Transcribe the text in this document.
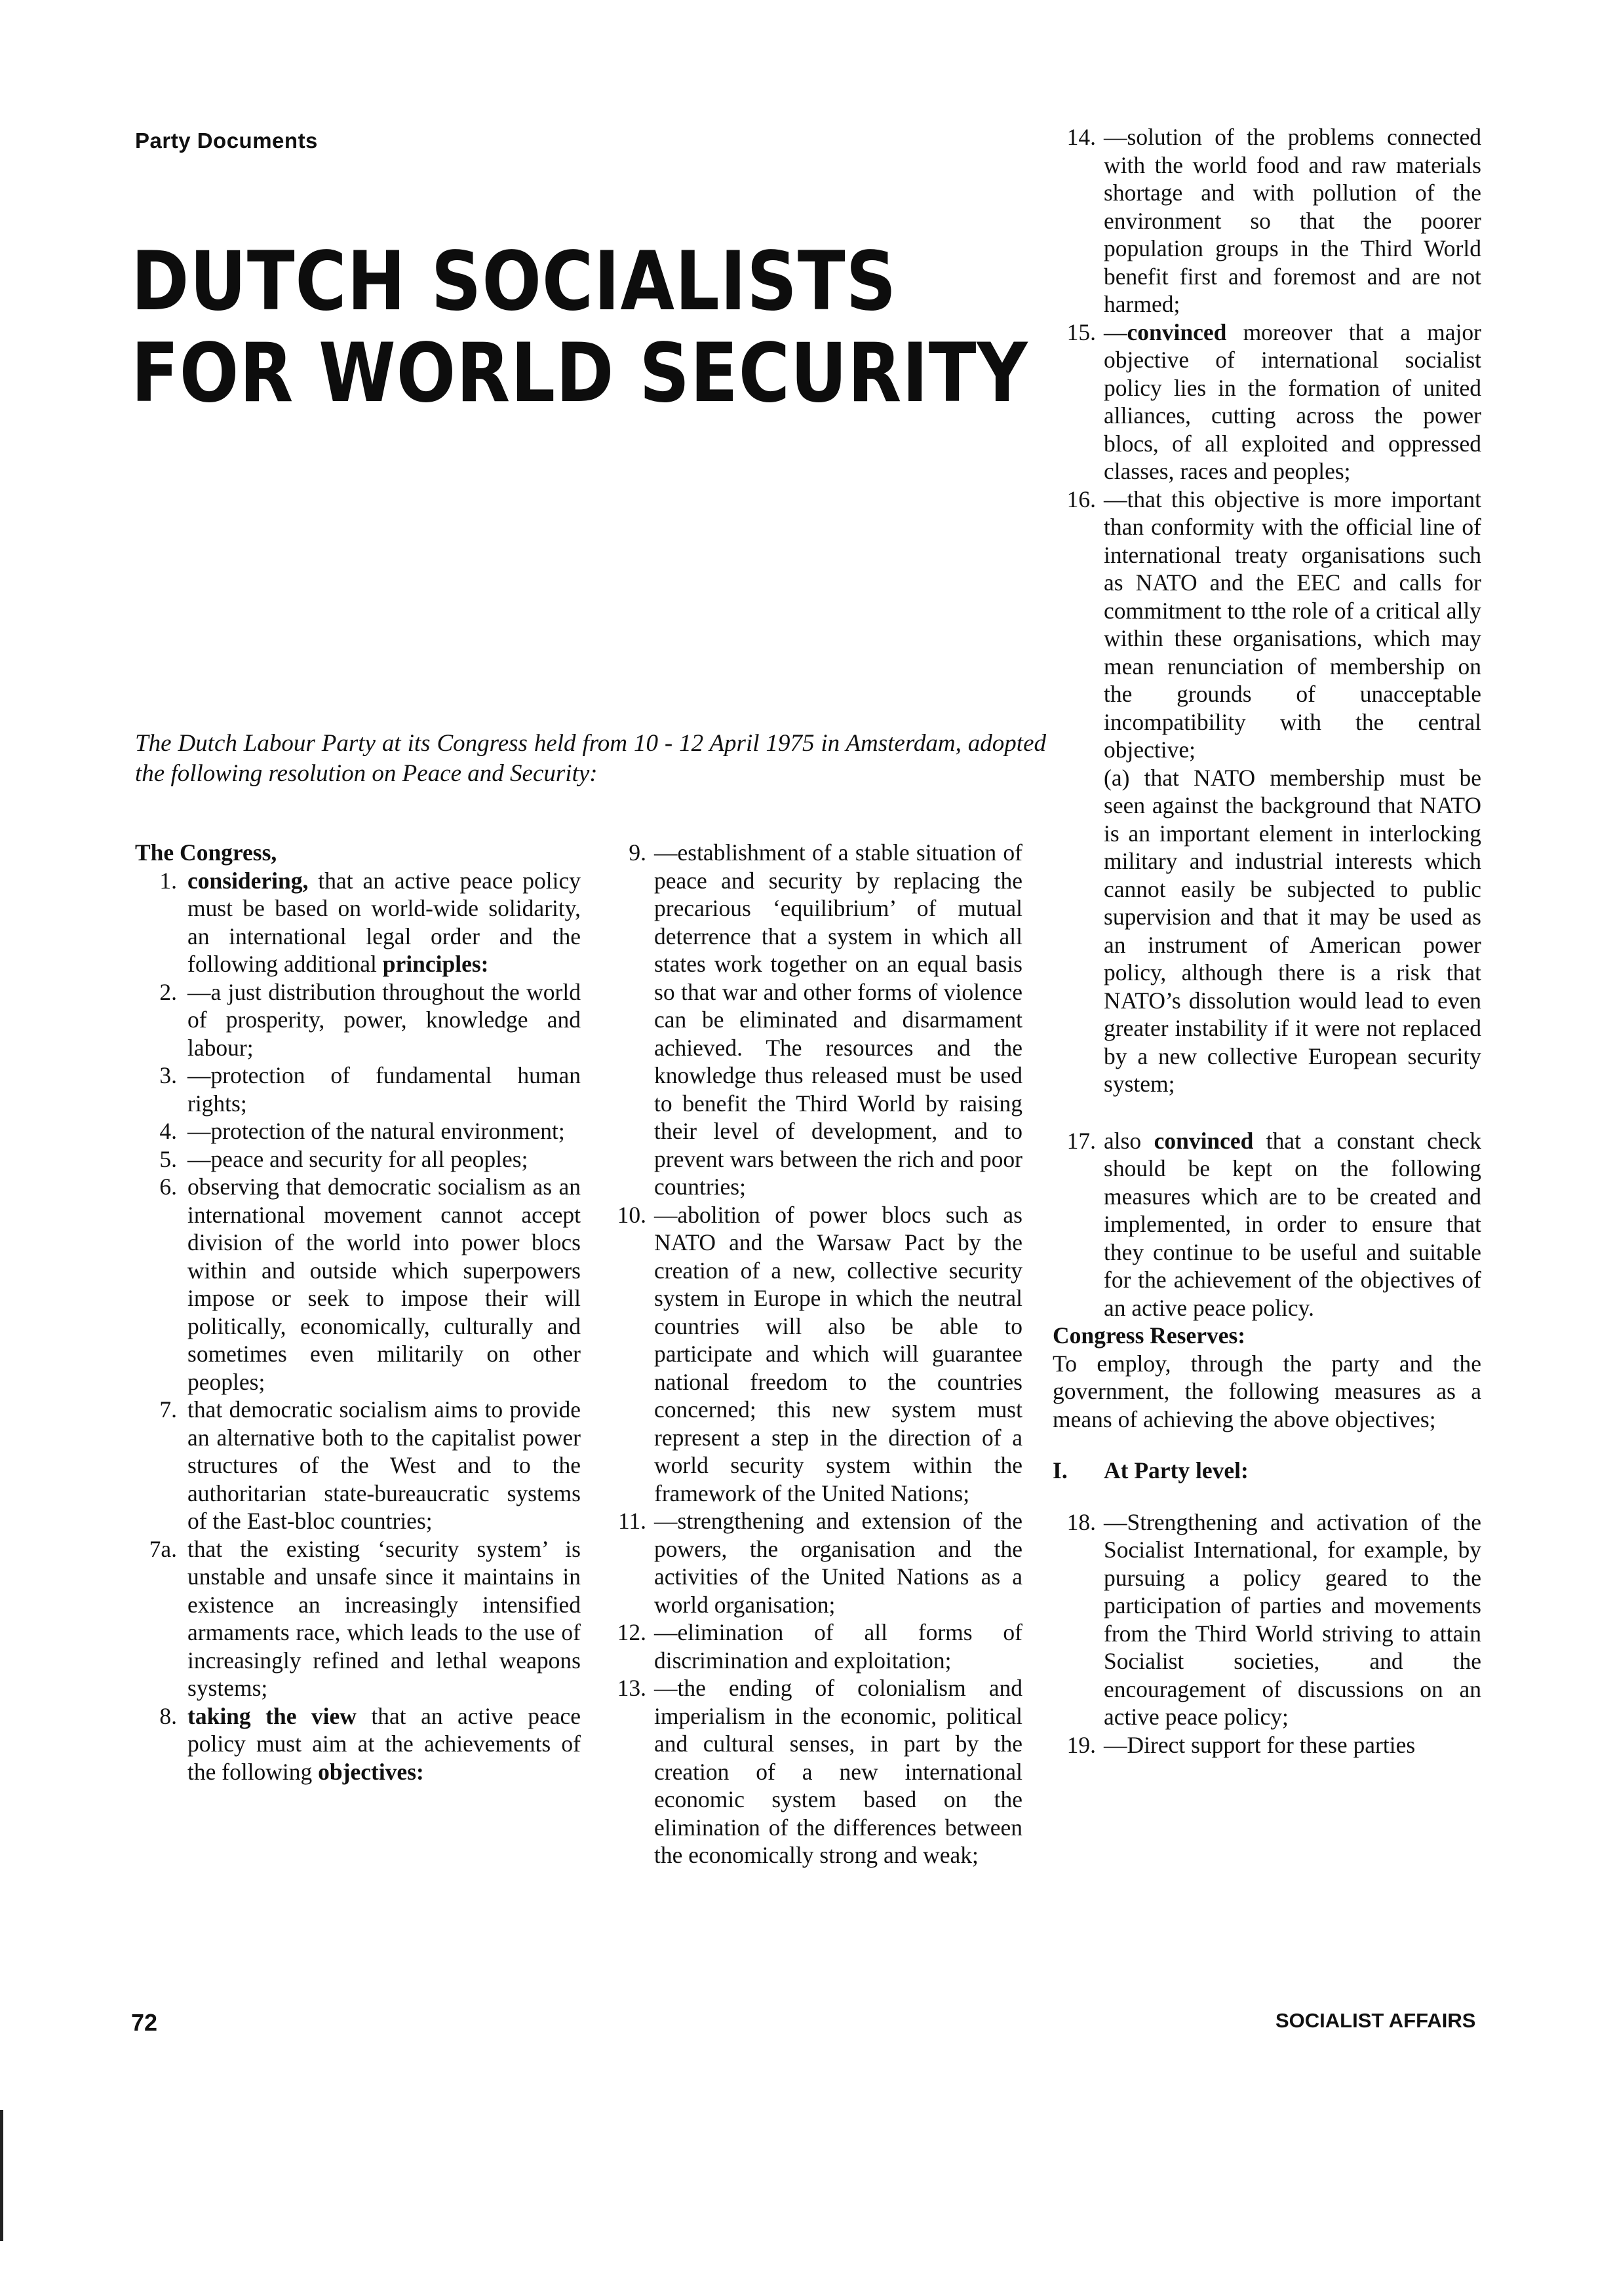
Party Documents
DUTCH SOCIALISTS
FOR WORLD SECURITY
The Dutch Labour Party at its Congress held from 10 - 12 April 1975 in Amsterdam, adopted the following resolution on Peace and Security:
The Congress,
1. considering, that an active peace policy must be based on world-wide solidarity, an international legal order and the following additional principles:
2. —a just distribution throughout the world of prosperity, power, knowledge and labour;
3. —protection of fundamental human rights;
4. —protection of the natural environment;
5. —peace and security for all peoples;
6. observing that democratic socialism as an international movement cannot accept division of the world into power blocs within and outside which superpowers impose or seek to impose their will politically, economically, culturally and sometimes even militarily on other peoples;
7. that democratic socialism aims to provide an alternative both to the capitalist power structures of the West and to the authoritarian state-bureaucratic systems of the East-bloc countries;
7a. that the existing ‘security system’ is unstable and unsafe since it maintains in existence an increasingly intensified armaments race, which leads to the use of increasingly refined and lethal weapons systems;
8. taking the view that an active peace policy must aim at the achievements of the following objectives:
9. —establishment of a stable situation of peace and security by replacing the precarious ‘equilibrium’ of mutual deterrence that a system in which all states work together on an equal basis so that war and other forms of violence can be eliminated and disarmament achieved. The resources and the knowledge thus released must be used to benefit the Third World by raising their level of development, and to prevent wars between the rich and poor countries;
10. —abolition of power blocs such as NATO and the Warsaw Pact by the creation of a new, collective security system in Europe in which the neutral countries will also be able to participate and which will guarantee national freedom to the countries concerned; this new system must represent a step in the direction of a world security system within the framework of the United Nations;
11. —strengthening and extension of the powers, the organisation and the activities of the United Nations as a world organisation;
12. —elimination of all forms of discrimination and exploitation;
13. —the ending of colonialism and imperialism in the economic, political and cultural senses, in part by the creation of a new international economic system based on the elimination of the differences between the economically strong and weak;
14. —solution of the problems connected with the world food and raw materials shortage and with pollution of the environment so that the poorer population groups in the Third World benefit first and foremost and are not harmed;
15. —convinced moreover that a major objective of international socialist policy lies in the formation of united alliances, cutting across the power blocs, of all exploited and oppressed classes, races and peoples;
16. —that this objective is more important than conformity with the official line of international treaty organisations such as NATO and the EEC and calls for commitment to tthe role of a critical ally within these organisations, which may mean renunciation of membership on the grounds of unacceptable incompatibility with the central objective;
(a) that NATO membership must be seen against the background that NATO is an important element in interlocking military and industrial interests which cannot easily be subjected to public supervision and that it may be used as an instrument of American power policy, although there is a risk that NATO’s dissolution would lead to even greater instability if it were not replaced by a new collective European security system;
17. also convinced that a constant check should be kept on the following measures which are to be created and implemented, in order to ensure that they continue to be useful and suitable for the achievement of the objectives of an active peace policy.
Congress Reserves:
To employ, through the party and the government, the following measures as a means of achieving the above objectives;
I.	At Party level:
18. —Strengthening and activation of the Socialist International, for example, by pursuing a policy geared to the participation of parties and movements from the Third World striving to attain Socialist societies, and the encouragement of discussions on an active peace policy;
19. —Direct support for these parties
72	SOCIALIST AFFAIRS
